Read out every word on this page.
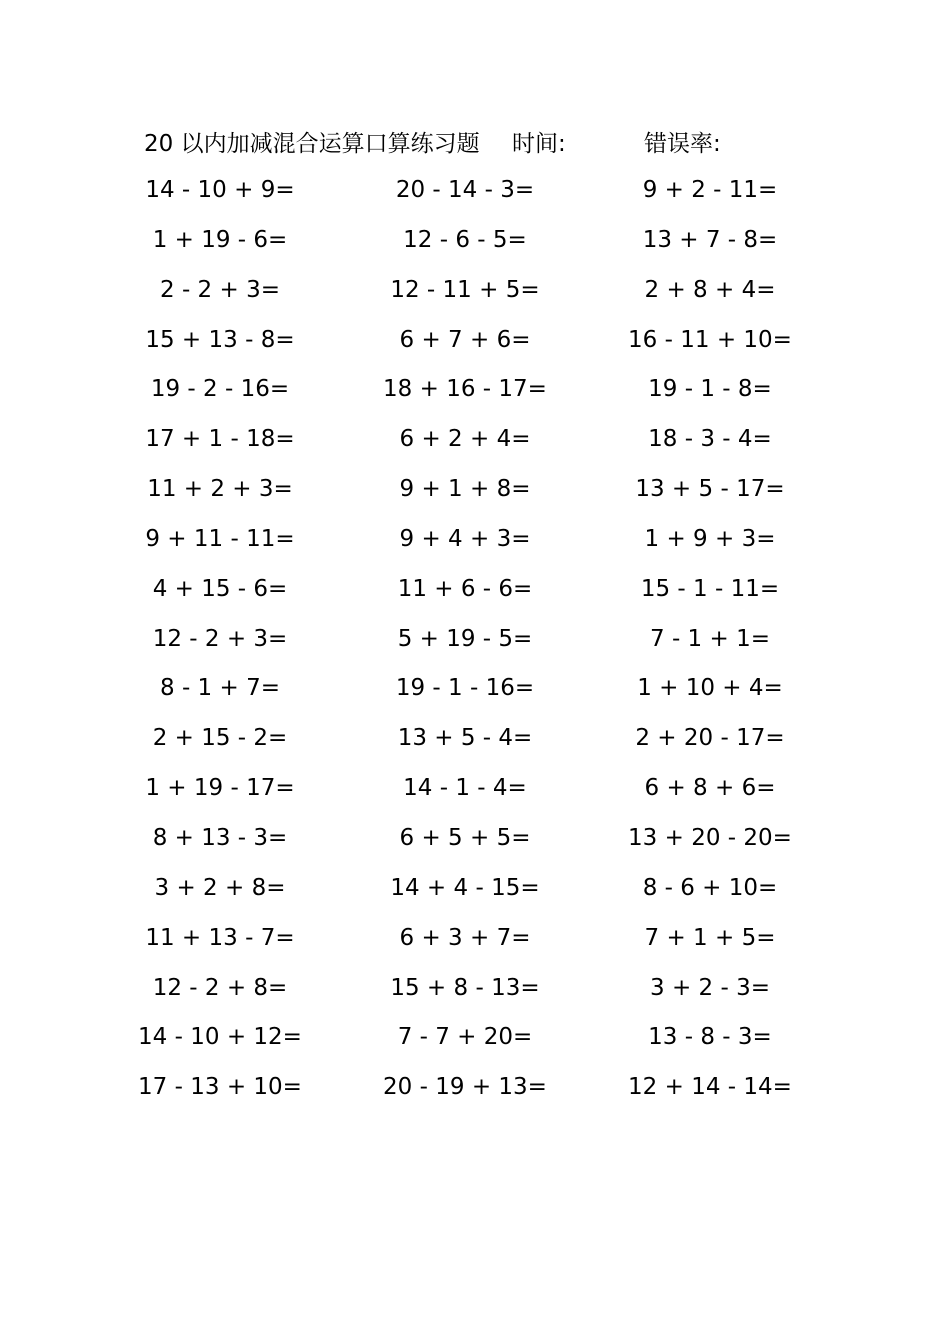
20 以内加减混合运算口算练习题 时间:	错误率:
14 - 10 + 9=	20 - 14 - 3=	9 + 2 - 11=
1 + 19 - 6=	12 - 6 - 5=	13 + 7 - 8=
2 - 2 + 3=	12 - 11 + 5=	2 + 8 + 4=
15 + 13 - 8=	6 + 7 + 6=	16 - 11 + 10=
19 - 2 - 16=	18 + 16 - 17=	19 - 1 - 8=
17 + 1 - 18=	6 + 2 + 4=	18 - 3 - 4=
11 + 2 + 3=	9 + 1 + 8=	13 + 5 - 17=
9 + 11 - 11=	9 + 4 + 3=	1 + 9 + 3=
4 + 15 - 6=	11 + 6 - 6=	15 - 1 - 11=
12 - 2 + 3=	5 + 19 - 5=	7 - 1 + 1=
8 - 1 + 7=	19 - 1 - 16=	1 + 10 + 4=
2 + 15 - 2=	13 + 5 - 4=	2 + 20 - 17=
1 + 19 - 17=	14 - 1 - 4=	6 + 8 + 6=
8 + 13 - 3=	6 + 5 + 5=	13 + 20 - 20=
3 + 2 + 8=	14 + 4 - 15=	8 - 6 + 10=
11 + 13 - 7=	6 + 3 + 7=	7 + 1 + 5=
12 - 2 + 8=	15 + 8 - 13=	3 + 2 - 3=
14 - 10 + 12=	7 - 7 + 20=	13 - 8 - 3=
17 - 13 + 10=	20 - 19 + 13=	12 + 14 - 14=
